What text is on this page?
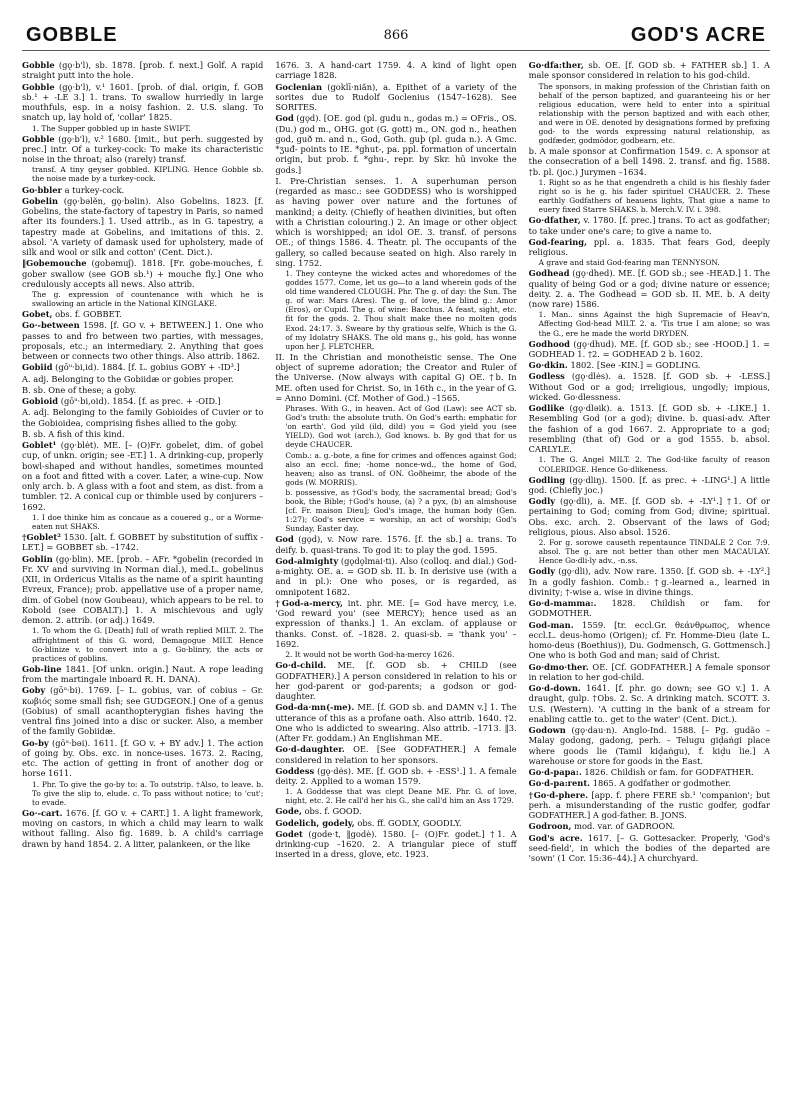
GOBBLE	866	GOD'S ACRE

Gobble (gǫ·b'l), sb. 1878. [prob. f. next.] Golf. A rapid straight putt into the hole.

Gobble (gǫ·b'l), v.¹ 1601. [prob. of dial. origin, f. GOB sb.¹ + -LE 3.] 1. trans. To swallow hurriedly in large mouthfuls, esp. in a noisy fashion. 2. U.S. slang. To snatch up, lay hold of, 'collar' 1825.

1. The Supper gobbled up in haste SWIFT.

Gobble (gǫ·b'l), v.² 1680. [imit., but perh. suggested by prec.] intr. Of a turkey-cock: To make its characteristic noise in the throat; also (rarely) transf.

transf. A tiny geyser gobbled. KIPLING. Hence Gobble sb. the noise made by a turkey-cock.

Go·bbler a turkey-cock.

Gobelin (gǫ·bəlĕn, gǫ·bəlin). Also Gobelins. 1823. [f. Gobelins, the state-factory of tapestry in Paris, so named after its founders.] 1. Used attrib., as in G. tapestry, a tapestry made at Gobelins, and imitations of this. 2. absol. 'A variety of damask used for upholstery, made of silk and wool or silk and cotton' (Cent. Dict.).

‖Gobemouche (gobəmuʃ). 1818. [Fr. gobe-mouches, f. gober swallow (see GOB sb.¹) + mouche fly.] One who credulously accepts all news. Also attrib.

The g. expression of countenance with which he is swallowing an article in the National KINGLAKE.

Gobet, obs. f. GOBBET.

Go·-between 1598. [f. GO v. + BETWEEN.] 1. One who passes to and fro between two parties, with messages, proposals, etc.; an intermediary. 2. Anything that goes between or connects two other things. Also attrib. 1862.

Gobiid (gōᵘ·bi,id). 1884. [f. L. gobius GOBY + -ID³.]

A. adj. Belonging to the Gobiidæ or gobies proper.

B. sb. One of these; a goby.

Gobioid (gōᵘ·bi,oid). 1854. [f. as prec. + -OID.]

A. adj. Belonging to the family Gobioides of Cuvier or to the Gobioidea, comprising fishes allied to the goby.

B. sb. A fish of this kind.

Goblet¹ (gǫ·blėt). ME. [– (O)Fr. gobelet, dim. of gobel cup, of unkn. origin; see -ET.] 1. A drinking-cup, properly bowl-shaped and without handles, sometimes mounted on a foot and fitted with a cover. Later, a wine-cup. Now only arch. b. A glass with a foot and stem, as dist. from a tumbler. †2. A conical cup or thimble used by conjurers –1692.

1. I doe thinke him as concaue as a couered g., or a Worme-eaten nut SHAKS.

†Goblet² 1530. [alt. f. GOBBET by substitution of suffix -LET.] = GOBBET sb. –1742.

Goblin (gǫ·blin). ME. [prob. – AFr. *gobelin (recorded in Fr. XV and surviving in Norman dial.), med.L. gobelinus (XII, in Ordericus Vitalis as the name of a spirit haunting Evreux, France); prob. appellative use of a proper name, dim. of Gobel (now Goubeau), which appears to be rel. to Kobold (see COBALT).] 1. A mischievous and ugly demon. 2. attrib. (or adj.) 1649.

1. To whom the G. [Death] full of wrath replied MILT. 2. The affrightment of this G. word, Demagogue MILT. Hence Go·blinize v. to convert into a g. Go·blinry, the acts or practices of goblins.

Gob-line 1841. [Of unkn. origin.] Naut. A rope leading from the martingale inboard R. H. DANA).

Goby (gōᵘ·bi). 1769. [– L. gobius, var. of cobius – Gr. κωβιός some small fish; see GUDGEON.] One of a genus (Gobius) of small acanthopterygian fishes having the ventral fins joined into a disc or sucker. Also, a member of the family Gobiidæ.

Go-by (gōᵘ·bəi). 1611. [f. GO v. + BY adv.] 1. The action of going by. Obs. exc. in nonce-uses. 1673. 2. Racing, etc. The action of getting in front of another dog or horse 1611.

1. Phr. To give the go-by to: a. To outstrip. †Also, to leave. b. To give the slip to, elude. c. To pass without notice; to 'cut'; to evade.

Go·-cart. 1676. [f. GO v. + CART.] 1. A light framework, moving on castors, in which a child may learn to walk without falling. Also fig. 1689. b. A child's carriage drawn by hand 1854. 2. A litter, palankeen, or the like

1676. 3. A hand-cart 1759. 4. A kind of light open carriage 1828.

Goclenian (goklī·niăn), a. Epithet of a variety of the sorites due to Rudolf Goclenius (1547–1628). See SORITES.

God (gǫd). [OE. god (pl. gudu n., godas m.) = OFris., OS. (Du.) god m., OHG. got (G. gott) m., ON. god n., heathen god, guð m. and n., God, Goth. guþ (pl. guda n.). A Gmc. *ʒuđ- points to IE. *ghut-, pa. ppl. formation of uncertain origin, but prob. f. *ghu-, repr. by Skr. hū invoke the gods.]

I. Pre-Christian senses. 1. A superhuman person (regarded as masc.: see GODDESS) who is worshipped as having power over nature and the fortunes of mankind; a deity. (Chiefly of heathen divinities, but often with a Christian colouring.) 2. An image or other object which is worshipped; an idol OE. 3. transf. of persons OE.; of things 1586. 4. Theatr. pl. The occupants of the gallery, so called because seated on high. Also rarely in sing. 1752.

1. They conteyne the wicked actes and whoredomes of the goddes 1577. Come, let us go—to a land wherein gods of the old time wandered CLOUGH. Phr. The g. of day: the Sun. The g. of war: Mars (Ares). The g. of love, the blind g.: Amor (Eros), or Cupid. The g. of wine: Bacchus. A feast, sight, etc. fit for the gods. 2. Thou shalt make thee no molten gods Exod. 24:17. 3. Sweare by thy gratious selfe, Which is the G. of my Idolatry SHAKS. The old mans g., his gold, has wonne upon her J. FLETCHER.

II. In the Christian and monotheistic sense. The One object of supreme adoration; the Creator and Ruler of the Universe. (Now always with capital G) OE. †b. In ME. often used for Christ. So, in 16th c., in the year of G. = Anno Domini. (Cf. Mother of God.) –1565.

Phrases. With G., in heaven. Act of God (Law): see ACT sb. God's truth: the absolute truth. On God's earth: emphatic for 'on earth'. God yild (ild, dild) you = God yield you (see YIELD). God wot (arch.), God knows. b. By god that for us deyde CHAUCER.

Comb.: a. g.-bote, a fine for crimes and offences against God; also an eccl. fine; -home nonce-wd., the home of God, heaven; also as transl. of ON. Goðheimr, the abode of the gods (W. MORRIS).

b. possessive, as †God's body, the sacramental bread; God's book, the Bible; †God's house, (a) ? a pyx, (b) an almshouse [cf. Fr. maison Dieu]; God's image, the human body (Gen. 1:27); God's service = worship, an act of worship; God's Sunday, Easter day.

God (gǫd), v. Now rare. 1576. [f. the sb.] a. trans. To deify. b. quasi-trans. To god it: to play the god. 1595.

God-almighty (gǫdǫlmai·ti). Also (colloq. and dial.) God-a-mighty. OE. a. = GOD sb. II. b. In derisive use (with a and in pl.): One who poses, or is regarded, as omnipotent 1682.

†God-a-mercy, int. phr. ME. [= God have mercy, i.e. 'God reward you' (see MERCY); hence used as an expression of thanks.] 1. An exclam. of applause or thanks. Const. of. –1828. 2. quasi-sb. = 'thank you' –1692.

2. It would not be worth God-ha-mercy 1626.

Go·d-child. ME. [f. GOD sb. + CHILD (see GODFATHER).] A person considered in relation to his or her god-parent or god-parents; a godson or god-daughter.

God-da·mn(-me). ME. [f. GOD sb. and DAMN v.] 1. The utterance of this as a profane oath. Also attrib. 1640. †2. One who is addicted to swearing. Also attrib. –1713. ‖3. (After Fr. goddam.) An Englishman ME.

Go·d-daughter. OE. [See GODFATHER.] A female considered in relation to her sponsors.

Goddess (gǫ·dės). ME. [f. GOD sb. + -ESS¹.] 1. A female deity. 2. Applied to a woman 1579.

1. A Goddesse that was clept Deane ME. Phr. G. of love, night, etc. 2. He call'd her his G., she call'd him an Ass 1729.

Gode, obs. f. GOOD.

Godelich, godely, obs. ff. GODLY, GOODLY.

Godet (godeˑt, ‖godė). 1580. [– (O)Fr. godet.] †1. A drinking-cup –1620. 2. A triangular piece of stuff inserted in a dress, glove, etc. 1923.

Go·dfa:ther, sb. OE. [f. GOD sb. + FATHER sb.] 1. A male sponsor considered in relation to his god-child.

The sponsors, in making profession of the Christian faith on behalf of the person baptized, and guaranteeing his or her religious education, were held to enter into a spiritual relationship with the person baptized and with each other, and were in OE. denoted by designations formed by prefixing god- to the words expressing natural relationship, as godfæder, godmōdor, godbearn, etc.

b. A male sponsor at Confirmation 1549. c. A sponsor at the consecration of a bell 1498. 2. transf. and fig. 1588. †b. pl. (joc.) Jurymen –1634.

1. Right so as he that engendreth a child is his fleshly fader right so is he g. his fader spirituel CHAUCER. 2. These earthly Godfathers of heauens lights, That giue a name to euery fixed Starre SHAKS. b. Merch.V. IV. i. 398.

Go·dfather, v. 1780. [f. prec.] trans. To act as godfather; to take under one's care; to give a name to.

God-fearing, ppl. a. 1835. That fears God, deeply religious.

A grave and staid God-fearing man TENNYSON.

Godhead (gǫ·dhed). ME. [f. GOD sb.; see -HEAD.] 1. The quality of being God or a god; divine nature or essence; deity. 2. a. The Godhead = GOD sb. II. ME. b. A deity (now rare) 1586.

1. Man.. sinns Against the high Supremacie of Heav'n, Affecting God-head MILT. 2. a. 'Tis true I am alone; so was the G., ere he made the world DRYDEN.

Godhood (gǫ·dhud). ME. [f. GOD sb.; see -HOOD.] 1. = GODHEAD 1. †2. = GODHEAD 2 b. 1602.

Go·dkin. 1802. [See -KIN.] = GODLING.

Godless (gǫ·dlės). a. 1528. [f. GOD sb. + -LESS.] Without God or a god; irreligious, ungodly; impious, wicked. Go·dlessness.

Godlike (gǫ·dlәik). a. 1513. [f. GOD sb. + -LIKE.] 1. Resembling God (or a god); divine. b. quasi-adv. After the fashion of a god 1667. 2. Appropriate to a god; resembling (that of) God or a god 1555. b. absol. CARLYLE.

1. The G. Angel MILT. 2. The God-like faculty of reason COLERIDGE. Hence Go·dlikeness.

Godling (gǫ·dliŋ). 1500. [f. as prec. + -LING¹.] A little god. (Chiefly joc.)

Godly (gǫ·dli), a. ME. [f. GOD sb. + -LY¹.] †1. Of or pertaining to God; coming from God; divine; spiritual. Obs. exc. arch. 2. Observant of the laws of God; religious, pious. Also absol. 1526.

2. For g. sorowe causeth repentaunce TINDALE 2 Cor. 7:9. absol. The g. are not better than other men MACAULAY. Hence Go·dli·ly adv., -n.ss.

Godly (gǫ·dli), adv. Now rare. 1350. [f. GOD sb. + -LY².] In a godly fashion. Comb.: †g.-learned a., learned in divinity; †-wise a. wise in divine things.

Go·d-mamma:. 1828. Childish or fam. for GODMOTHER.

God-man. 1559. [tr. eccl.Gr. θεάνθρωπος, whence eccl.L. deus-homo (Origen); cf. Fr. Homme-Dieu (late L. homo-deus (Boethius)), Du. Godmensch, G. Gottmensch.] One who is both God and man; said of Christ.

Go·dmo·ther. OE. [Cf. GODFATHER.] A female sponsor in relation to her god-child.

Go·d-down. 1641. [f. phr. go down; see GO v.] 1. A draught, gulp. †Obs. 2. Sc. A drinking match. SCOTT. 3. U.S. (Western). 'A cutting in the bank of a stream for enabling cattle to.. get to the water' (Cent. Dict.).

Godown (gǫ·dau·n). Anglo-Ind. 1588. [– Pg. gudão – Malay godong, gadong, perh. – Telugu giḍaṅgi place where goods lie (Tamil kiḍaṅgu), f. kiḍu lie.] A warehouse or store for goods in the East.

Go·d-papa:. 1826. Childish or fam. for GODFATHER.

Go·d-pa:rent. 1865. A godfather or godmother.

†Go·d-phere. [app. f. phere FERE sb.¹ 'companion'; but perh. a misunderstanding of the rustic godfer, godfar GODFATHER.] A god-father. B. JONS.

Godroon, mod. var. of GADROON.

God's acre. 1617. [– G. Gottesacker. Properly, 'God's seed-field', in which the bodies of the departed are 'sown' (1 Cor. 15:36–44).] A churchyard.
